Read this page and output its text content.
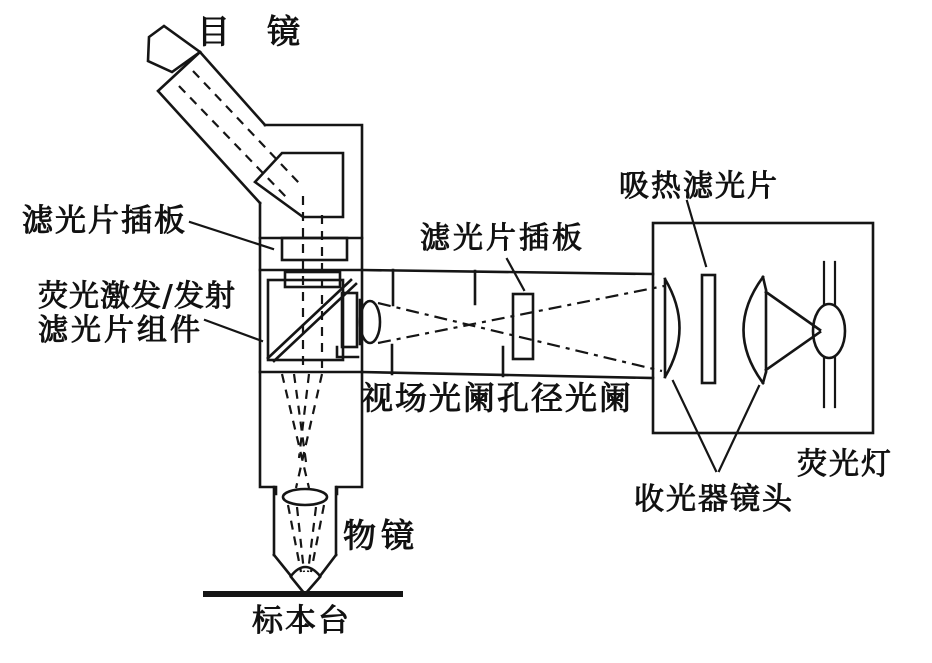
目　镜
滤光片插板
荧光激发/发射
滤光片组件
滤光片插板
吸热滤光片
视场光阑孔径光阑
荧光灯
收光器镜头
物镜
标本台
